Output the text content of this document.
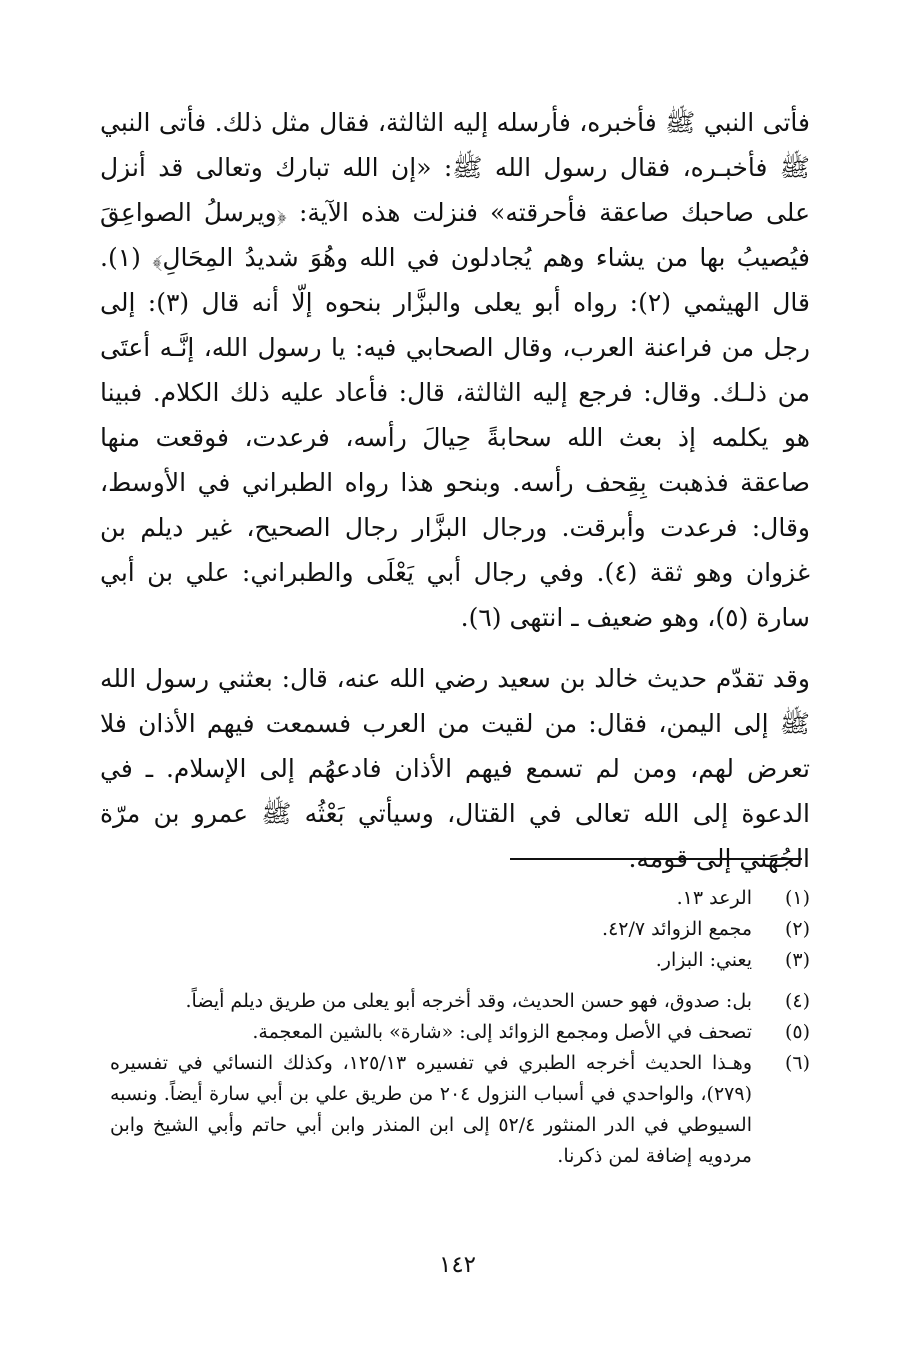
فأتى النبي ﷺ فأخبره، فأرسله إليه الثالثة، فقال مثل ذلك. فأتى النبي ﷺ فأخبـره، فقال رسول الله ﷺ: «إن الله تبارك وتعالى قد أنزل على صاحبك صاعقة فأحرقته» فنزلت هذه الآية: ﴿ويرسلُ الصواعِقَ فيُصيبُ بها من يشاء وهم يُجادلون في الله وهُوَ شديدُ المِحَالِ﴾ (١). قال الهيثمي (٢): رواه أبو يعلى والبزَّار بنحوه إلّا أنه قال (٣): إلى رجل من فراعنة العرب، وقال الصحابي فيه: يا رسول الله، إنَّـه أعتَى من ذلـك. وقال: فرجع إليه الثالثة، قال: فأعاد عليه ذلك الكلام. فبينا هو يكلمه إذ بعث الله سحابةً حِيالَ رأسه، فرعدت، فوقعت منها صاعقة فذهبت بِقِحف رأسه. وبنحو هذا رواه الطبراني في الأوسط، وقال: فرعدت وأبرقت. ورجال البزَّار رجال الصحيح، غير ديلم بن غزوان وهو ثقة (٤). وفي رجال أبي يَعْلَى والطبراني: علي بن أبي سارة (٥)، وهو ضعيف ـ انتهى (٦).

وقد تقدّم حديث خالد بن سعيد رضي الله عنه، قال: بعثني رسول الله ﷺ إلى اليمن، فقال: من لقيت من العرب فسمعت فيهم الأذان فلا تعرض لهم، ومن لم تسمع فيهم الأذان فادعهُم إلى الإسلام. ـ في الدعوة إلى الله تعالى في القتال، وسيأتي بَعْثُه ﷺ عمرو بن مرّة الجُهَني إلى قومه.

(١)
الرعد ١٣.
(٢)
مجمع الزوائد ٤٢/٧.
(٣)
يعني: البزار.
(٤)
بل: صدوق، فهو حسن الحديث، وقد أخرجه أبو يعلى من طريق ديلم أيضاً.
(٥)
تصحف في الأصل ومجمع الزوائد إلى: «شارة» بالشين المعجمة.
(٦)
وهـذا الحديث أخرجه الطبري في تفسيره ١٢٥/١٣، وكذلك النسائي في تفسيره (٢٧٩)، والواحدي في أسباب النزول ٢٠٤ من طريق علي بن أبي سارة أيضاً. ونسبه السيوطي في الدر المنثور ٥٢/٤ إلى ابن المنذر وابن أبي حاتم وأبي الشيخ وابن مردويه إضافة لمن ذكرنا.
١٤٢
